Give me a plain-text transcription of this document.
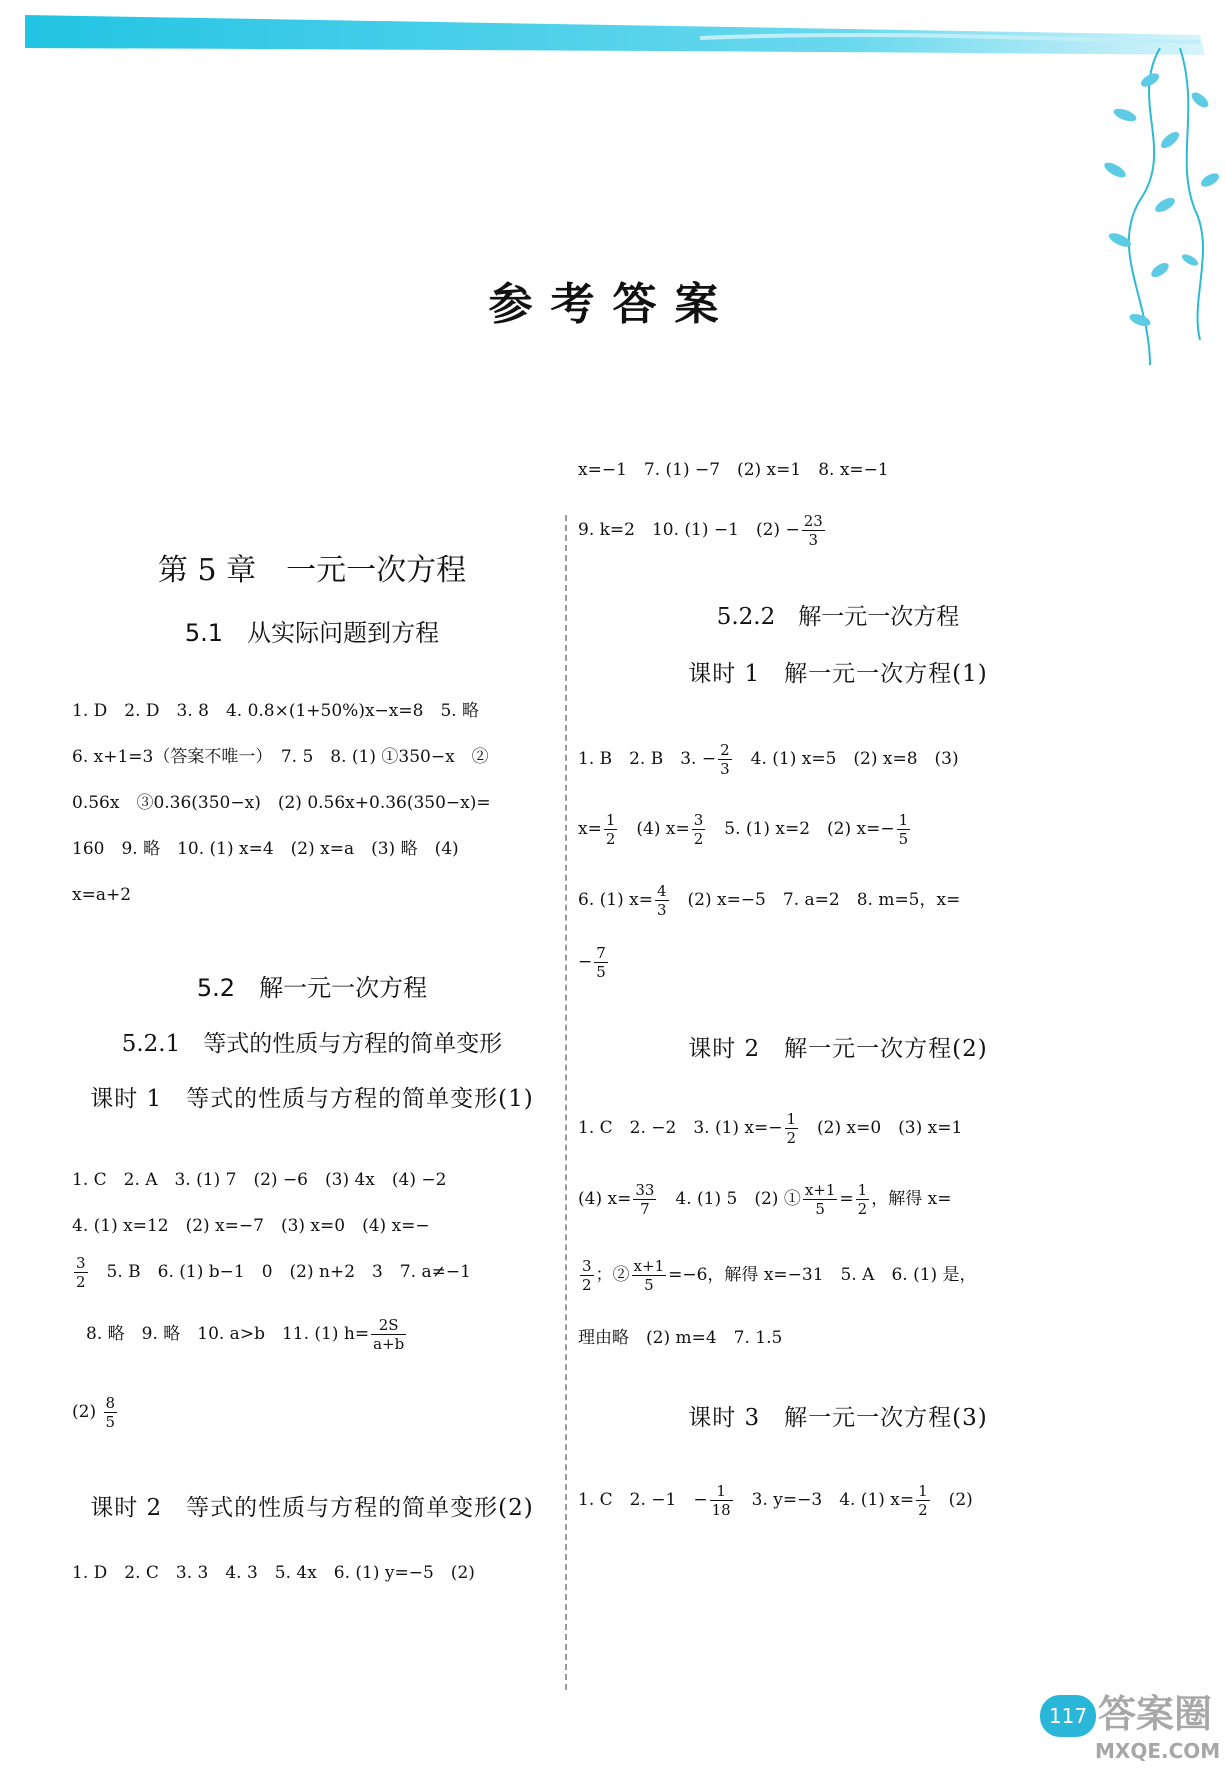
参考答案
第 5 章　一元一次方程
5.1　从实际问题到方程
1. D　2. D　3. 8　4. 0.8×(1+50%)x−x=8　5. 略
6. x+1=3（答案不唯一）　7. 5　8. (1) ①350−x　②
0.56x　③0.36(350−x)　(2) 0.56x+0.36(350−x)=
160　9. 略　10. (1) x=4　(2) x=a　(3) 略　(4)
x=a+2
5.2　解一元一次方程
5.2.1　等式的性质与方程的简单变形
课时 1　等式的性质与方程的简单变形(1)
1. C　2. A　3. (1) 7　(2) −6　(3) 4x　(4) −2
4. (1) x=12　(2) x=−7　(3) x=0　(4) x=−
$\frac{3}{2}$ 　5. B　6. (1) b−1　0　(2) n+2　3　7. a≠−1
8. 略　9. 略　10. a>b　11. (1) $h= \frac{2S}{a+b}$
$(2) \frac{8}{5}$
课时 2　等式的性质与方程的简单变形(2)
1. D　2. C　3. 3　4. 3　5. 4x　6. (1) y=−5　(2)
x=−1　7. (1) −7　(2) x=1　8. x=−1
9. k=2　10. (1) −1　$(2) - \frac{23}{3}$
5.2.2　解一元一次方程
课时 1　解一元一次方程(1)
1. B　2. B　3. − $\frac{2}{3}$ 　4. (1) x=5　(2) x=8　(3)
$x= \frac{1}{2}$ 　(4) $x= \frac{3}{2}$ 　5. (1) x=2　(2) $x=- \frac{1}{5}$
6. (1) $x= \frac{4}{3}$ 　(2) x=−5　7. a=2　8. m=5，x=
− $\frac{7}{5}$
课时 2　解一元一次方程(2)
1. C　2. −2　3. (1) $x=- \frac{1}{2}$ 　(2) x=0　(3) x=1
(4) $x= \frac{33}{7}$ 　4. (1) 5　(2) ① $\frac{x+1}{5} = \frac{1}{2}$ ，解得 x=
$\frac{3}{2}$ ；② $\frac{x+1}{5} =-6$，解得 x=−31　5. A　6. (1) 是，
理由略　(2) m=4　7. 1.5
课时 3　解一元一次方程(3)
1. C　2. −1　− $\frac{1}{18}$ 　3. y=−3　4. (1) $x= \frac{1}{2}$ 　(2)
117 答案圈
MXQE.COM
